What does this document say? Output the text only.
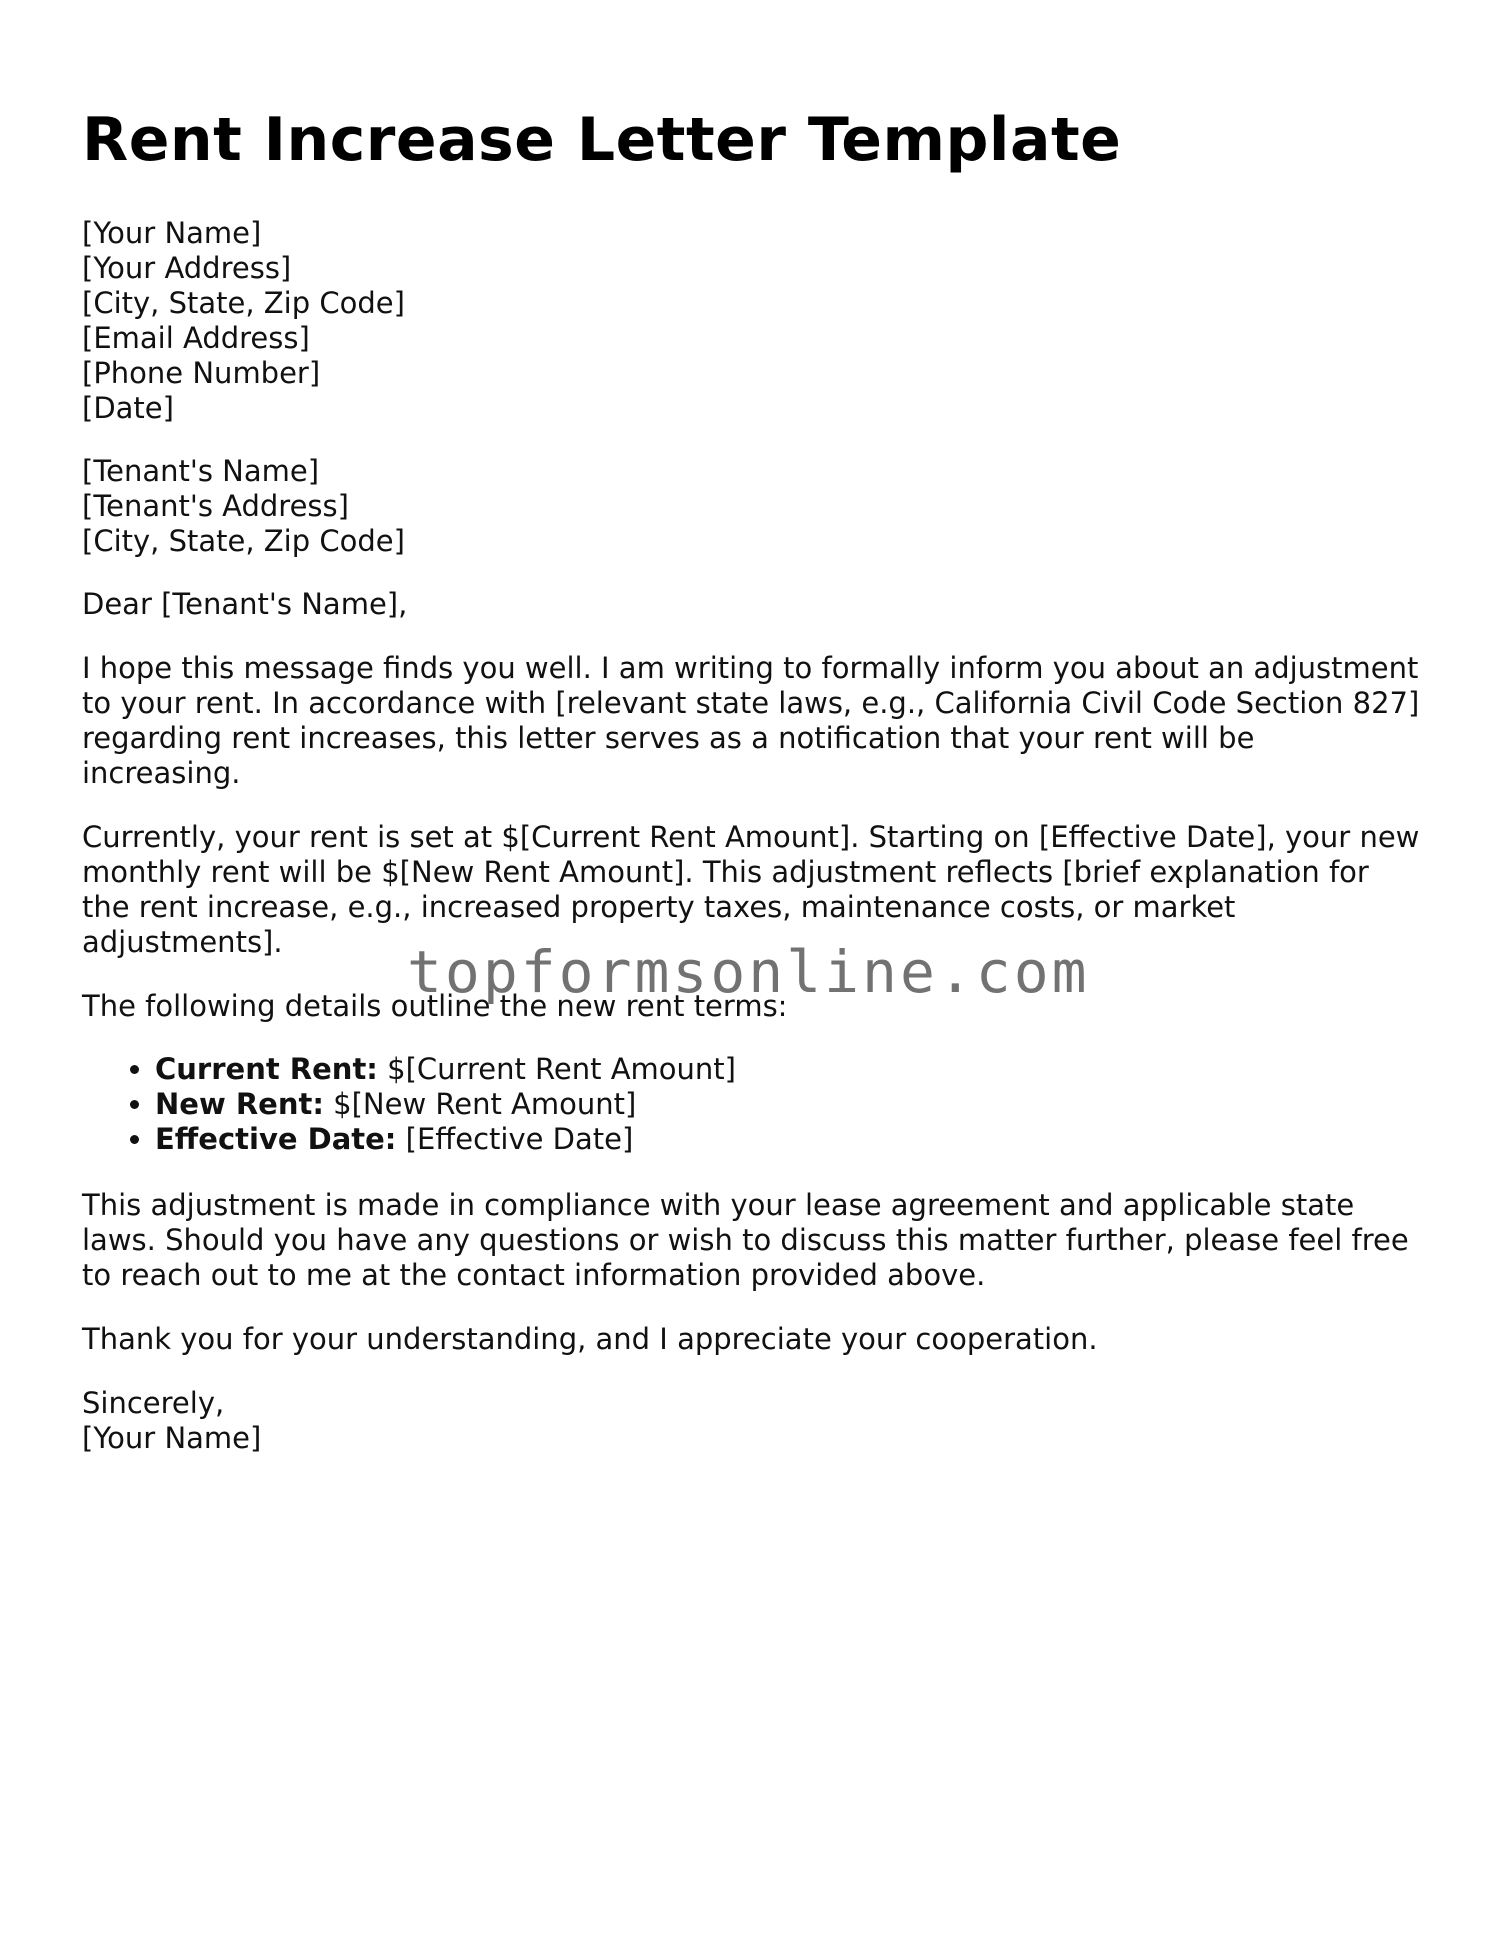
Rent Increase Letter Template
[Your Name]
[Your Address]
[City, State, Zip Code]
[Email Address]
[Phone Number]
[Date]
[Tenant's Name]
[Tenant's Address]
[City, State, Zip Code]
Dear [Tenant's Name],

I hope this message finds you well. I am writing to formally inform you about an adjustment to your rent. In accordance with [relevant state laws, e.g., California Civil Code Section 827] regarding rent increases, this letter serves as a notification that your rent will be increasing.

Currently, your rent is set at $[Current Rent Amount]. Starting on [Effective Date], your new monthly rent will be $[New Rent Amount]. This adjustment reflects [brief explanation for the rent increase, e.g., increased property taxes, maintenance costs, or market adjustments].

The following details outline the new rent terms:
• Current Rent: $[Current Rent Amount]
• New Rent: $[New Rent Amount]
• Effective Date: [Effective Date]

This adjustment is made in compliance with your lease agreement and applicable state laws. Should you have any questions or wish to discuss this matter further, please feel free to reach out to me at the contact information provided above.

Thank you for your understanding, and I appreciate your cooperation.
Sincerely,
[Your Name]
topformsonline.com
